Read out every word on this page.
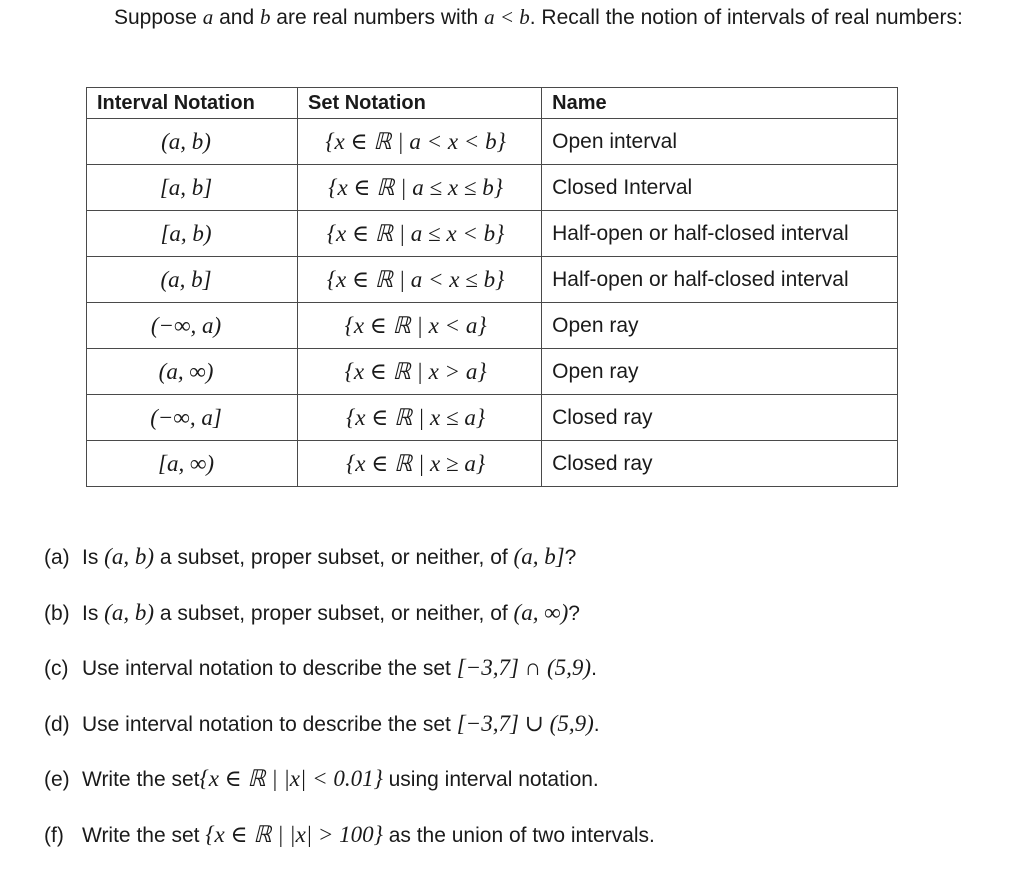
Suppose a and b are real numbers with a < b. Recall the notion of intervals of real numbers:
Interval Notation	Set Notation	Name
(a, b)	{x ∈ ℝ | a < x < b}	Open interval
[a, b]	{x ∈ ℝ | a ≤ x ≤ b}	Closed Interval
[a, b)	{x ∈ ℝ | a ≤ x < b}	Half-open or half-closed interval
(a, b]	{x ∈ ℝ | a < x ≤ b}	Half-open or half-closed interval
(−∞, a)	{x ∈ ℝ | x < a}	Open ray
(a, ∞)	{x ∈ ℝ | x > a}	Open ray
(−∞, a]	{x ∈ ℝ | x ≤ a}	Closed ray
[a, ∞)	{x ∈ ℝ | x ≥ a}	Closed ray
(a) Is (a, b) a subset, proper subset, or neither, of (a, b]?
(b) Is (a, b) a subset, proper subset, or neither, of (a, ∞)?
(c) Use interval notation to describe the set [−3,7] ∩ (5,9).
(d) Use interval notation to describe the set [−3,7] ∪ (5,9).
(e) Write the set{x ∈ ℝ | |x| < 0.01} using interval notation.
(f) Write the set {x ∈ ℝ | |x| > 100} as the union of two intervals.
